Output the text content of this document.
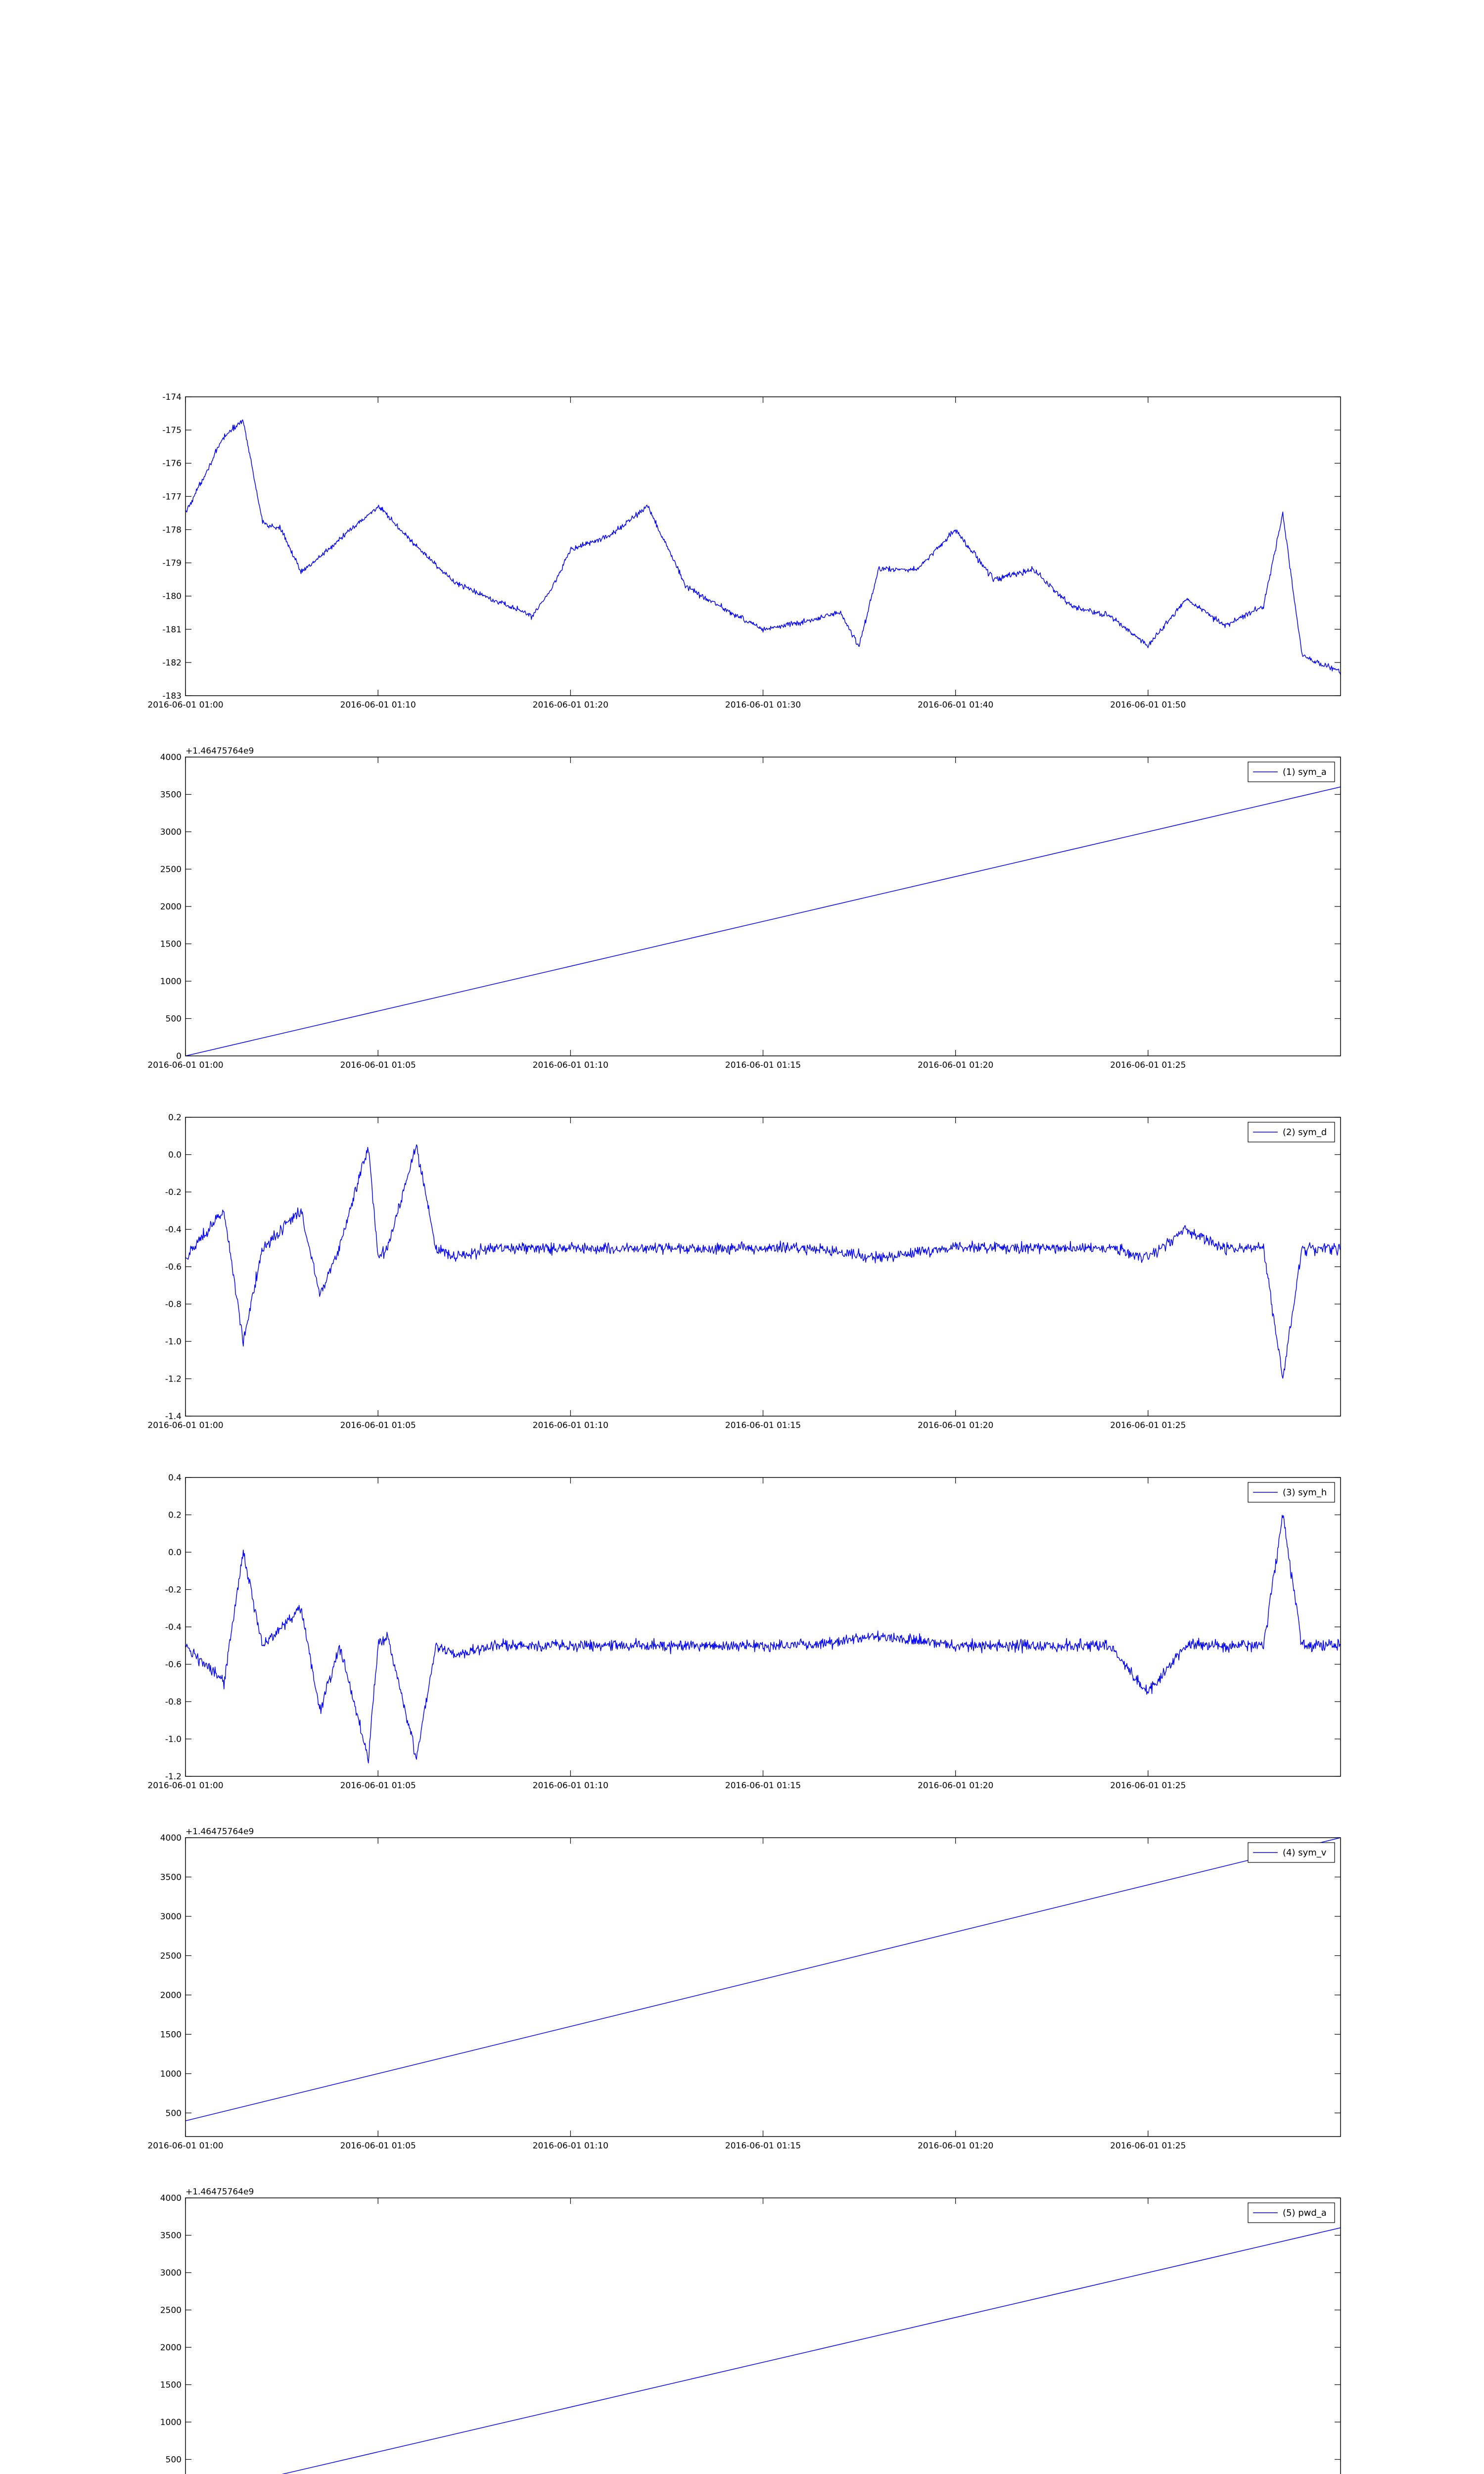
-174
-175
-176
-177
-178
-179
-180
-181
-182
-183
2016-06-01 01:00	2016-06-01 01:10	2016-06-01 01:20	2016-06-01 01:30	2016-06-01 01:40	2016-06-01 01:50
4000
3500
3000
2500
2000
1500
1000
500
0
2016-06-01 01:00	2016-06-01 01:05	2016-06-01 01:10	2016-06-01 01:15	2016-06-01 01:20	2016-06-01 01:25
+1.46475764e9
(1) sym_a
0.2
0.0
-0.2
-0.4
-0.6
-0.8
-1.0
-1.2
-1.4
2016-06-01 01:00	2016-06-01 01:05	2016-06-01 01:10	2016-06-01 01:15	2016-06-01 01:20	2016-06-01 01:25
(2) sym_d
0.4
0.2
0.0
-0.2
-0.4
-0.6
-0.8
-1.0
-1.2
2016-06-01 01:00	2016-06-01 01:05	2016-06-01 01:10	2016-06-01 01:15	2016-06-01 01:20	2016-06-01 01:25
(3) sym_h
4000
3500
3000
2500
2000
1500
1000
500
2016-06-01 01:00	2016-06-01 01:05	2016-06-01 01:10	2016-06-01 01:15	2016-06-01 01:20	2016-06-01 01:25
+1.46475764e9
(4) sym_v
4000
3500
3000
2500
2000
1500
1000
500
+1.46475764e9
(5) pwd_a
